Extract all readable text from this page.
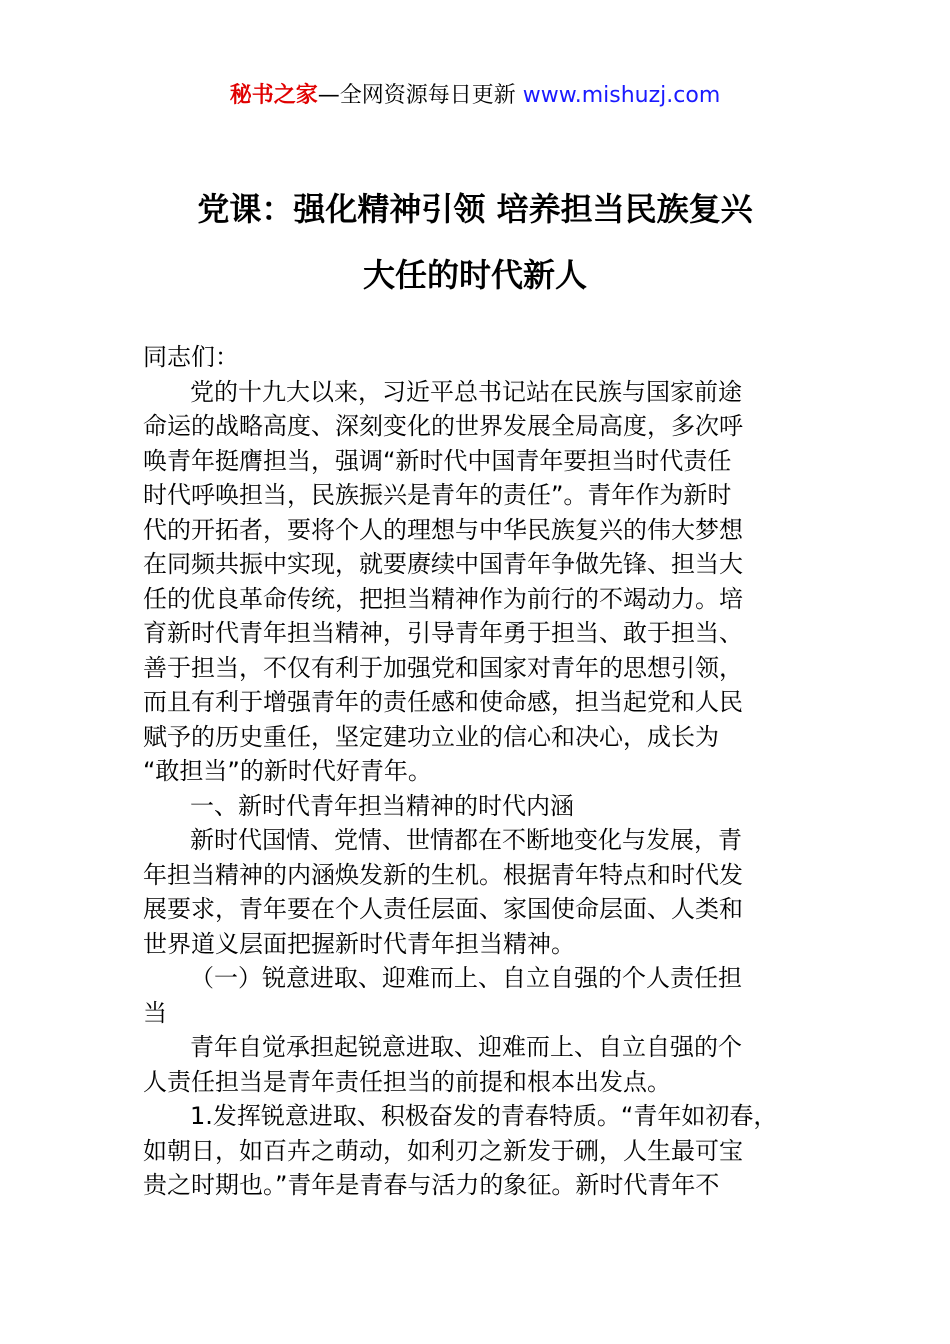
秘书之家—全网资源每日更新 www.mishuzj.com
党课：强化精神引领 培养担当民族复兴
大任的时代新人
同志们：
党的十九大以来，习近平总书记站在民族与国家前途
命运的战略高度、深刻变化的世界发展全局高度，多次呼
唤青年挺膺担当，强调“新时代中国青年要担当时代责任
时代呼唤担当，民族振兴是青年的责任”。青年作为新时
代的开拓者，要将个人的理想与中华民族复兴的伟大梦想
在同频共振中实现，就要赓续中国青年争做先锋、担当大
任的优良革命传统，把担当精神作为前行的不竭动力。培
育新时代青年担当精神，引导青年勇于担当、敢于担当、
善于担当，不仅有利于加强党和国家对青年的思想引领，
而且有利于增强青年的责任感和使命感，担当起党和人民
赋予的历史重任，坚定建功立业的信心和决心，成长为
“敢担当”的新时代好青年。
一、新时代青年担当精神的时代内涵
新时代国情、党情、世情都在不断地变化与发展，青
年担当精神的内涵焕发新的生机。根据青年特点和时代发
展要求，青年要在个人责任层面、家国使命层面、人类和
世界道义层面把握新时代青年担当精神。
（一）锐意进取、迎难而上、自立自强的个人责任担
当
青年自觉承担起锐意进取、迎难而上、自立自强的个
人责任担当是青年责任担当的前提和根本出发点。
1.发挥锐意进取、积极奋发的青春特质。“青年如初春，
如朝日，如百卉之萌动，如利刃之新发于硎，人生最可宝
贵之时期也。”青年是青春与活力的象征。新时代青年不
